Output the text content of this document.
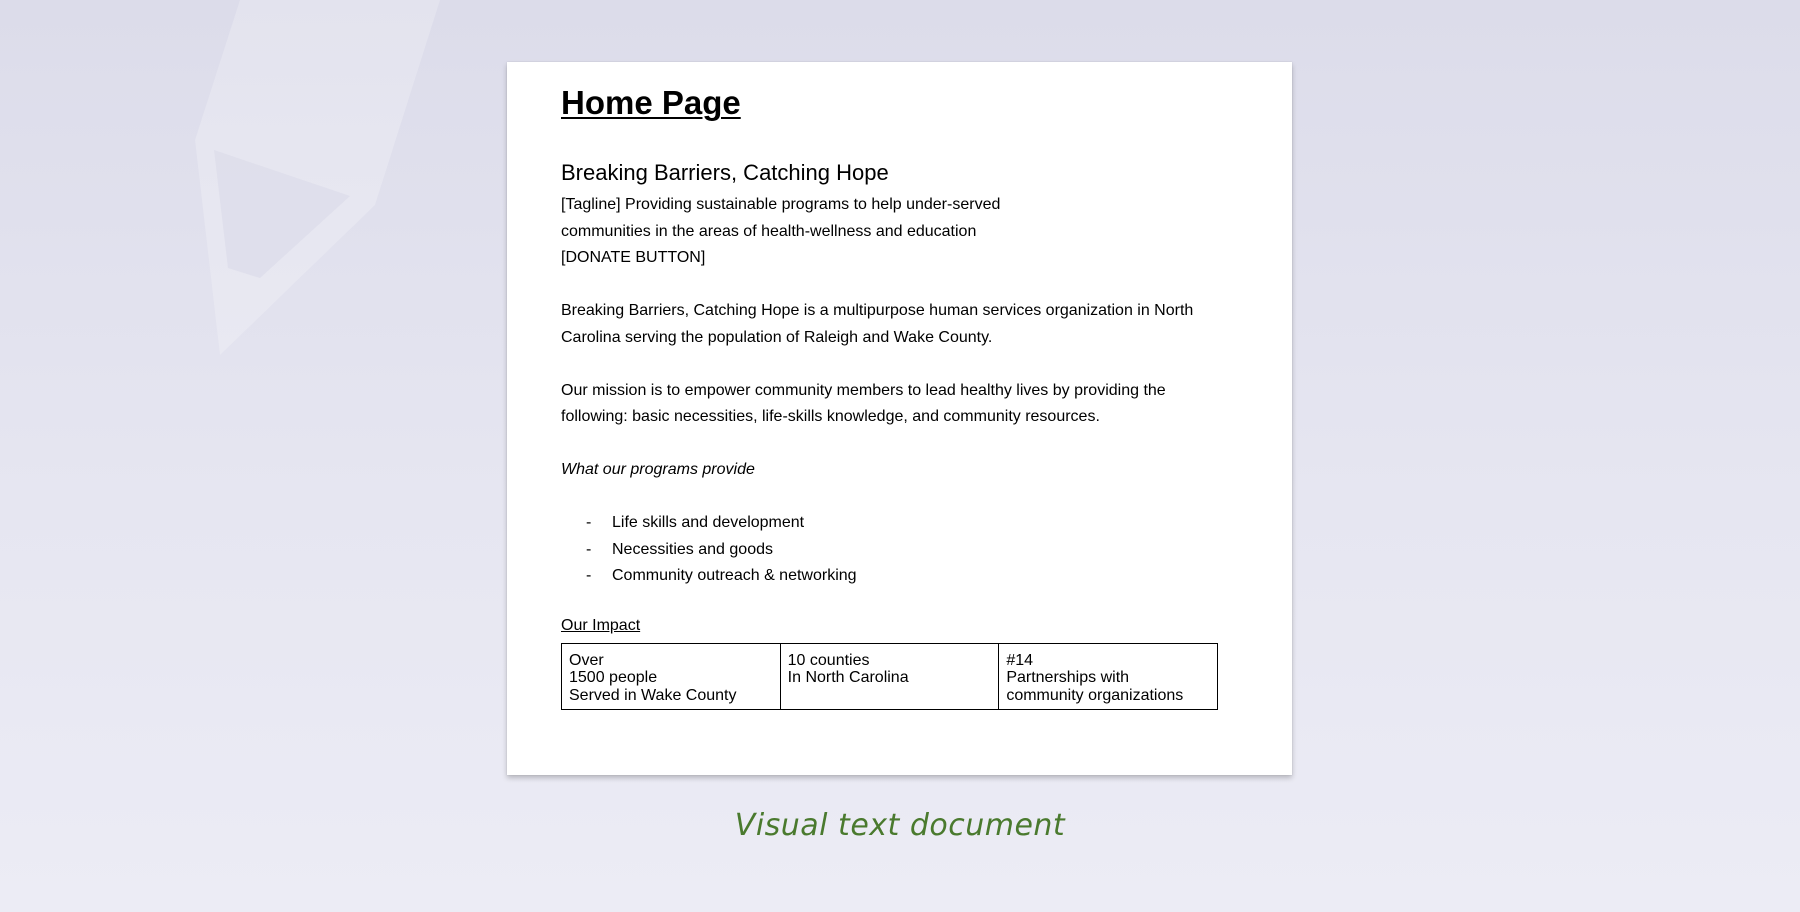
Home Page
Breaking Barriers, Catching Hope
[Tagline] Providing sustainable programs to help under-served
communities in the areas of health-wellness and education
[DONATE BUTTON]

Breaking Barriers, Catching Hope is a multipurpose human services organization in North Carolina serving the population of Raleigh and Wake County.

Our mission is to empower community members to lead healthy lives by providing the following: basic necessities, life-skills knowledge, and community resources.

What our programs provide

-	Life skills and development
-	Necessities and goods
-	Community outreach & networking

Our Impact

Over
1500 people
Served in Wake County

10 counties
In North Carolina

#14
Partnerships with community organizations
Visual text document
